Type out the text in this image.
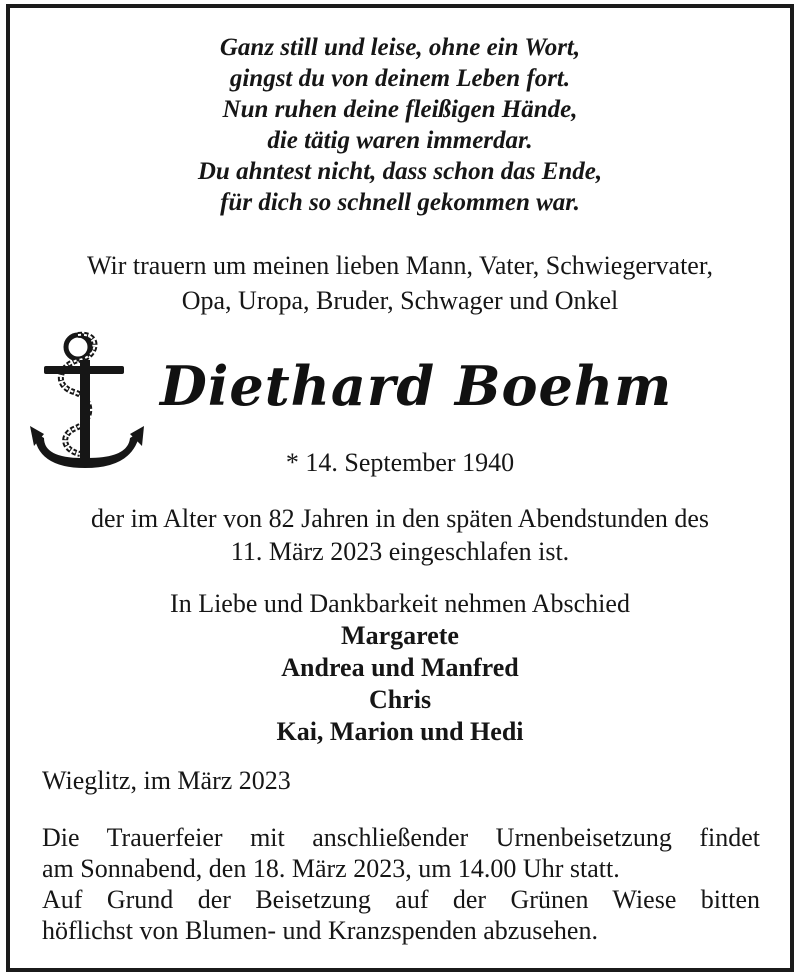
Ganz still und leise, ohne ein Wort,
gingst du von deinem Leben fort.
Nun ruhen deine fleißigen Hände,
die tätig waren immerdar.
Du ahntest nicht, dass schon das Ende,
für dich so schnell gekommen war.
Wir trauern um meinen lieben Mann, Vater, Schwiegervater,
Opa, Uropa, Bruder, Schwager und Onkel
Diethard Boehm
* 14. September 1940
der im Alter von 82 Jahren in den späten Abendstunden des
11. März 2023 eingeschlafen ist.
In Liebe und Dankbarkeit nehmen Abschied
Margarete
Andrea und Manfred
Chris
Kai, Marion und Hedi
Wieglitz, im März 2023
Die Trauerfeier mit anschließender Urnenbeisetzung findet
am Sonnabend, den 18. März 2023, um 14.00 Uhr statt.
Auf Grund der Beisetzung auf der Grünen Wiese bitten
höflichst von Blumen- und Kranzspenden abzusehen.
